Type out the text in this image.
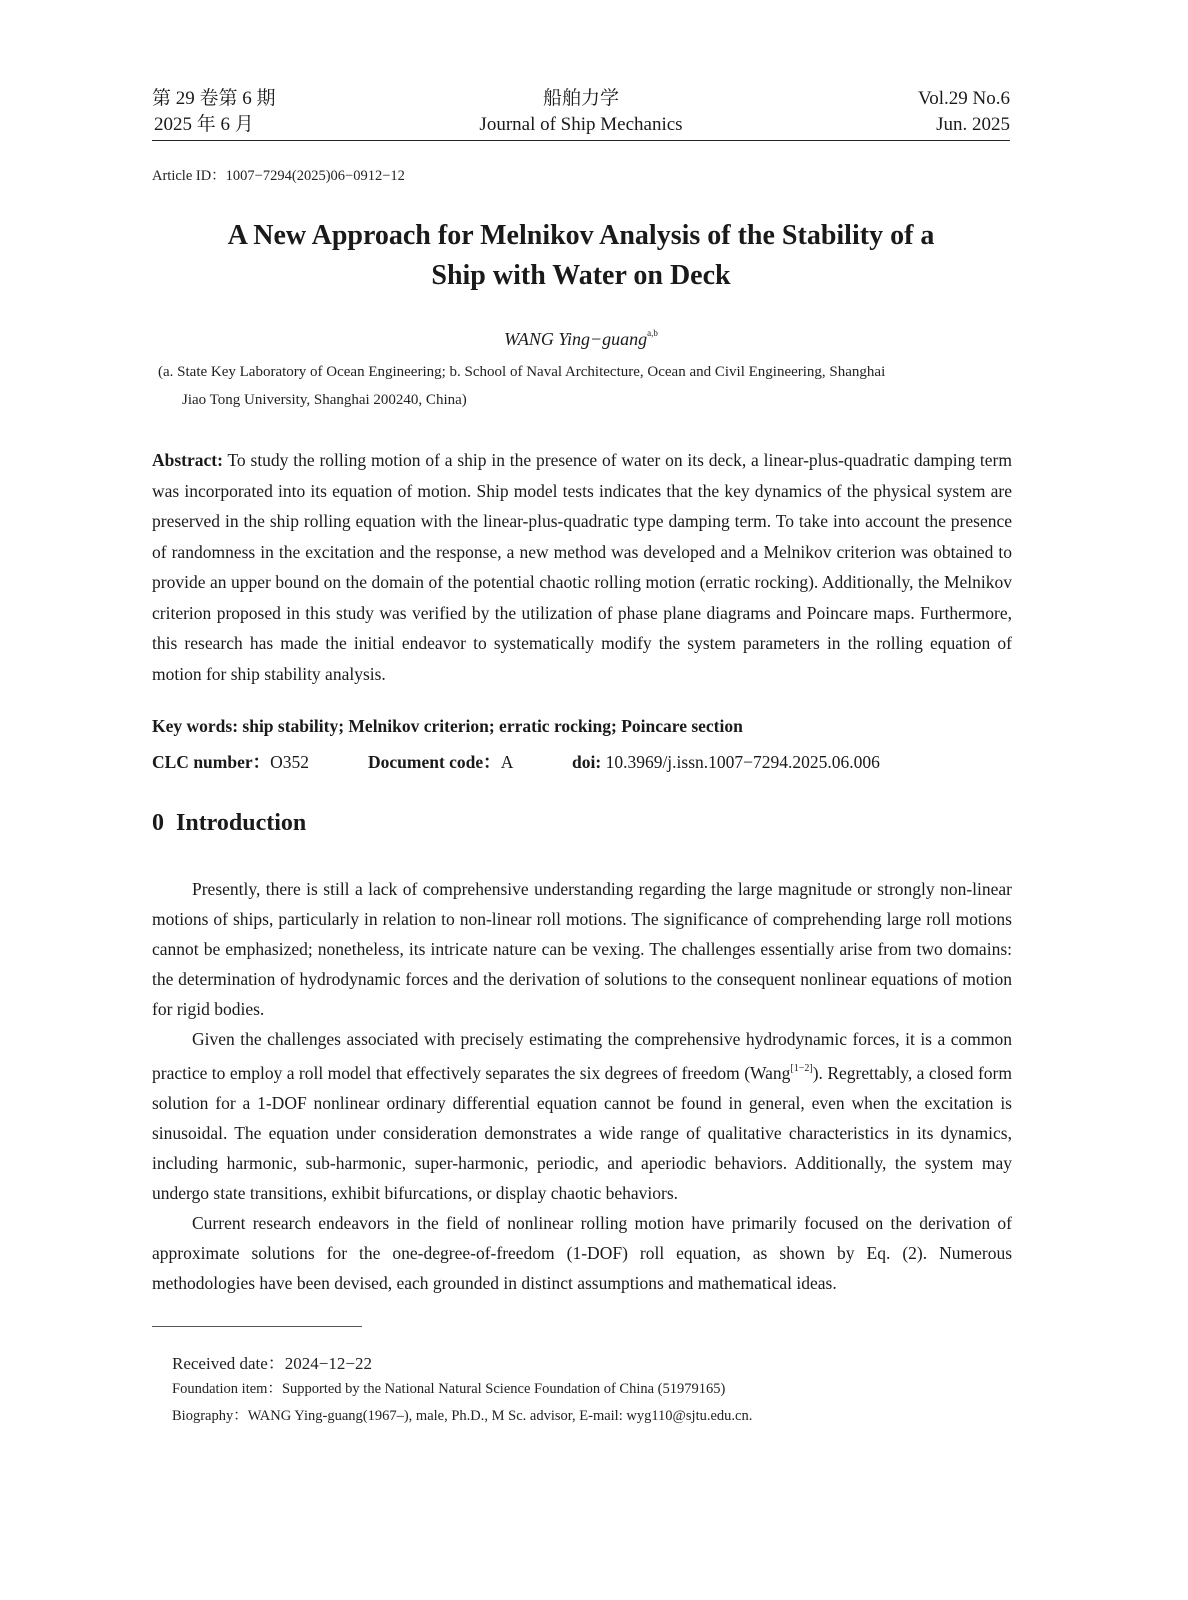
第 29 卷第 6 期
2025 年 6 月
船舶力学
Journal of Ship Mechanics
Vol.29 No.6
Jun. 2025
Article ID：1007−7294(2025)06−0912−12
A New Approach for Melnikov Analysis of the Stability of a
Ship with Water on Deck
WANG Ying−guang$^{a,b}$
(a. State Key Laboratory of Ocean Engineering; b. School of Naval Architecture, Ocean and Civil Engineering, Shanghai
Jiao Tong University, Shanghai 200240, China)
Abstract: To study the rolling motion of a ship in the presence of water on its deck, a linear-plus-quadratic damping term was incorporated into its equation of motion. Ship model tests indicates that the key dynamics of the physical system are preserved in the ship rolling equation with the linear-plus-quadratic type damping term. To take into account the presence of randomness in the excitation and the response, a new method was developed and a Melnikov criterion was obtained to provide an upper bound on the domain of the potential chaotic rolling motion (erratic rocking). Additionally, the Melnikov criterion proposed in this study was verified by the utilization of phase plane diagrams and Poincare maps. Furthermore, this research has made the initial endeavor to systematically modify the system parameters in the rolling equation of motion for ship stability analysis.
Key words: ship stability; Melnikov criterion; erratic rocking; Poincare section
CLC number：O352	Document code：A	doi: 10.3969/j.issn.1007−7294.2025.06.006
0  Introduction

Presently, there is still a lack of comprehensive understanding regarding the large magnitude or strongly non-linear motions of ships, particularly in relation to non-linear roll motions. The significance of comprehending large roll motions cannot be emphasized; nonetheless, its intricate nature can be vexing. The challenges essentially arise from two domains: the determination of hydrodynamic forces and the derivation of solutions to the consequent nonlinear equations of motion for rigid bodies.

Given the challenges associated with precisely estimating the comprehensive hydrodynamic forces, it is a common practice to employ a roll model that effectively separates the six degrees of freedom (Wang[1−2]). Regrettably, a closed form solution for a 1-DOF nonlinear ordinary differential equation cannot be found in general, even when the excitation is sinusoidal. The equation under consideration demonstrates a wide range of qualitative characteristics in its dynamics, including harmonic, sub-harmonic, super-harmonic, periodic, and aperiodic behaviors. Additionally, the system may undergo state transitions, exhibit bifurcations, or display chaotic behaviors.

Current research endeavors in the field of nonlinear rolling motion have primarily focused on the derivation of approximate solutions for the one-degree-of-freedom (1-DOF) roll equation, as shown by Eq. (2). Numerous methodologies have been devised, each grounded in distinct assumptions and mathematical ideas.

Received date：2024−12−22
Foundation item：Supported by the National Natural Science Foundation of China (51979165)
Biography：WANG Ying-guang(1967–), male, Ph.D., M Sc. advisor, E-mail: wyg110@sjtu.edu.cn.
